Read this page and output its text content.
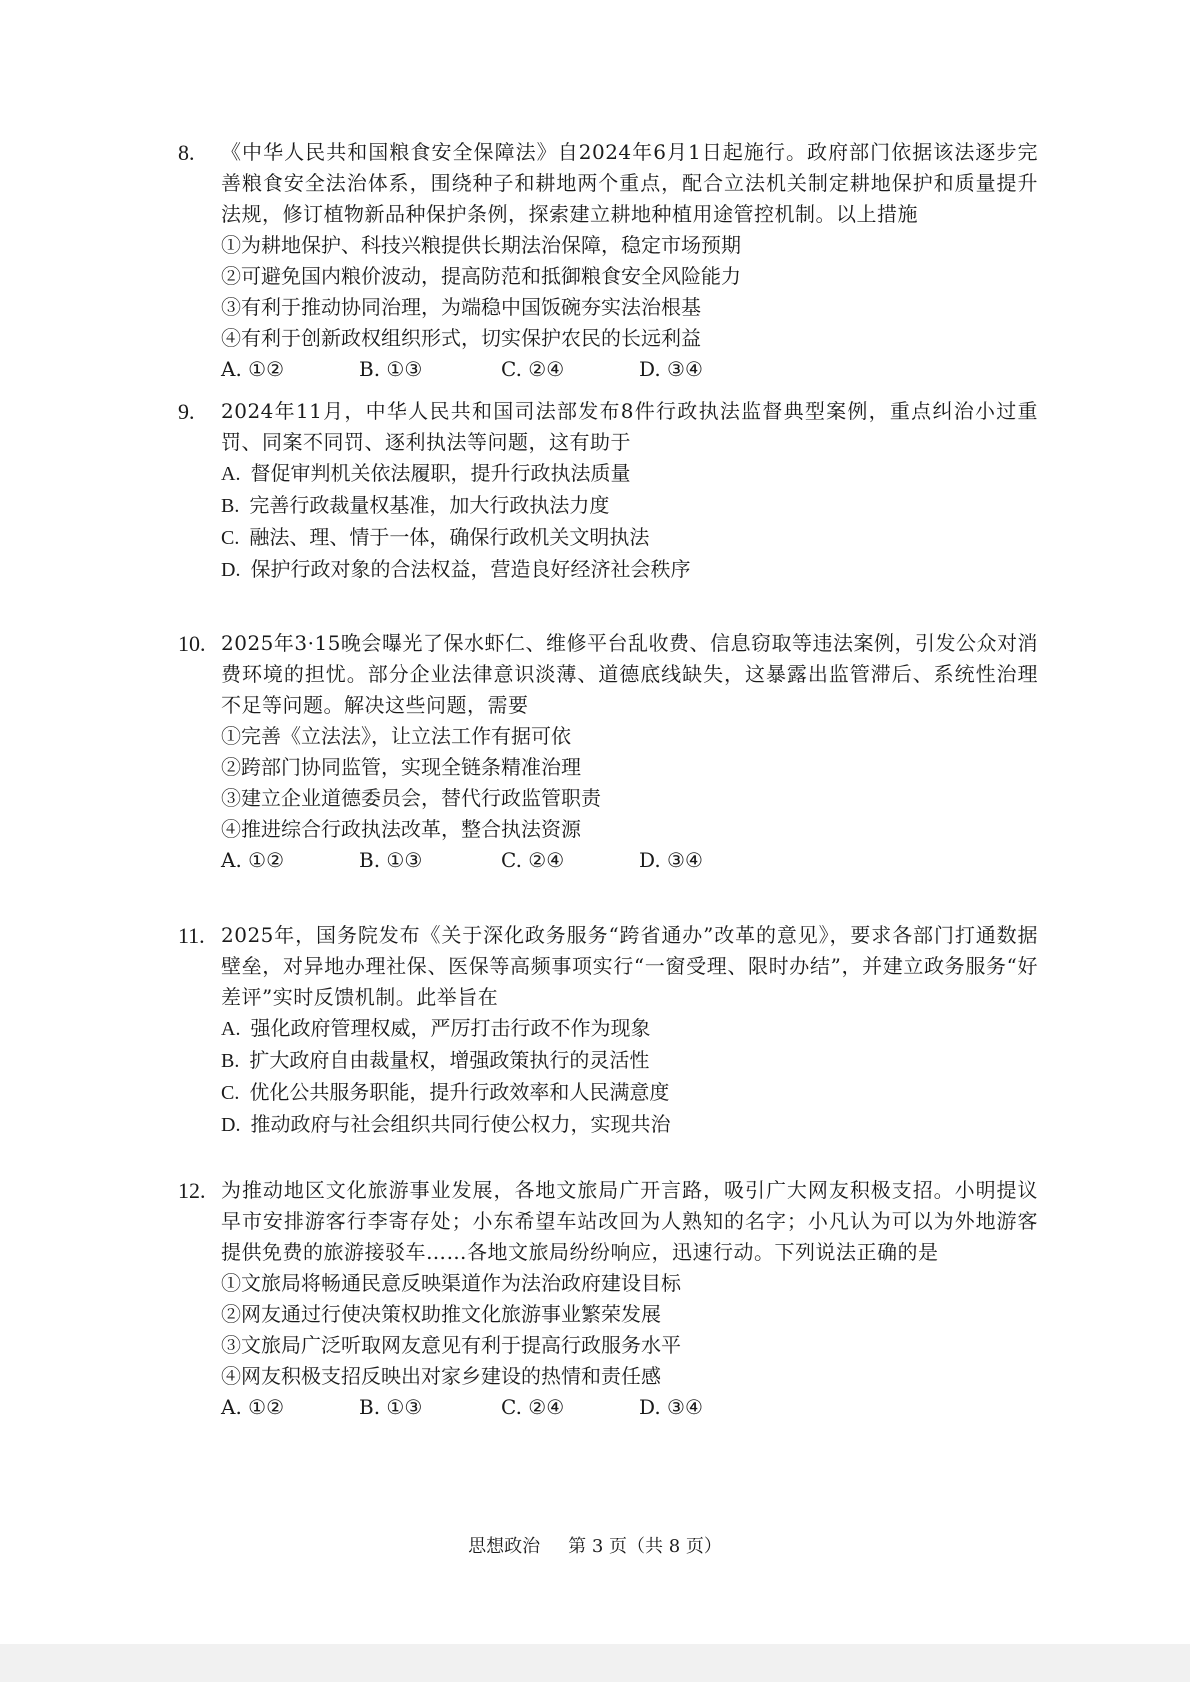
8. 《中华人民共和国粮食安全保障法》自2024年6月1日起施行。政府部门依据该法逐步完善粮食安全法治体系，围绕种子和耕地两个重点，配合立法机关制定耕地保护和质量提升法规，修订植物新品种保护条例，探索建立耕地种植用途管控机制。以上措施
①为耕地保护、科技兴粮提供长期法治保障，稳定市场预期
②可避免国内粮价波动，提高防范和抵御粮食安全风险能力
③有利于推动协同治理，为端稳中国饭碗夯实法治根基
④有利于创新政权组织形式，切实保护农民的长远利益
A. ①②	B. ①③	C. ②④	D. ③④
9. 2024年11月，中华人民共和国司法部发布8件行政执法监督典型案例，重点纠治小过重罚、同案不同罚、逐利执法等问题，这有助于
A. 督促审判机关依法履职，提升行政执法质量
B. 完善行政裁量权基准，加大行政执法力度
C. 融法、理、情于一体，确保行政机关文明执法
D. 保护行政对象的合法权益，营造良好经济社会秩序
10. 2025年3·15晚会曝光了保水虾仁、维修平台乱收费、信息窃取等违法案例，引发公众对消费环境的担忧。部分企业法律意识淡薄、道德底线缺失，这暴露出监管滞后、系统性治理不足等问题。解决这些问题，需要
①完善《立法法》，让立法工作有据可依
②跨部门协同监管，实现全链条精准治理
③建立企业道德委员会，替代行政监管职责
④推进综合行政执法改革，整合执法资源
A. ①②	B. ①③	C. ②④	D. ③④
11. 2025年，国务院发布《关于深化政务服务“跨省通办”改革的意见》，要求各部门打通数据壁垒，对异地办理社保、医保等高频事项实行“一窗受理、限时办结”，并建立政务服务“好差评”实时反馈机制。此举旨在
A. 强化政府管理权威，严厉打击行政不作为现象
B. 扩大政府自由裁量权，增强政策执行的灵活性
C. 优化公共服务职能，提升行政效率和人民满意度
D. 推动政府与社会组织共同行使公权力，实现共治
12. 为推动地区文化旅游事业发展，各地文旅局广开言路，吸引广大网友积极支招。小明提议早市安排游客行李寄存处；小东希望车站改回为人熟知的名字；小凡认为可以为外地游客提供免费的旅游接驳车……各地文旅局纷纷响应，迅速行动。下列说法正确的是
①文旅局将畅通民意反映渠道作为法治政府建设目标
②网友通过行使决策权助推文化旅游事业繁荣发展
③文旅局广泛听取网友意见有利于提高行政服务水平
④网友积极支招反映出对家乡建设的热情和责任感
A. ①②	B. ①③	C. ②④	D. ③④
思想政治 第 3 页（共 8 页）
